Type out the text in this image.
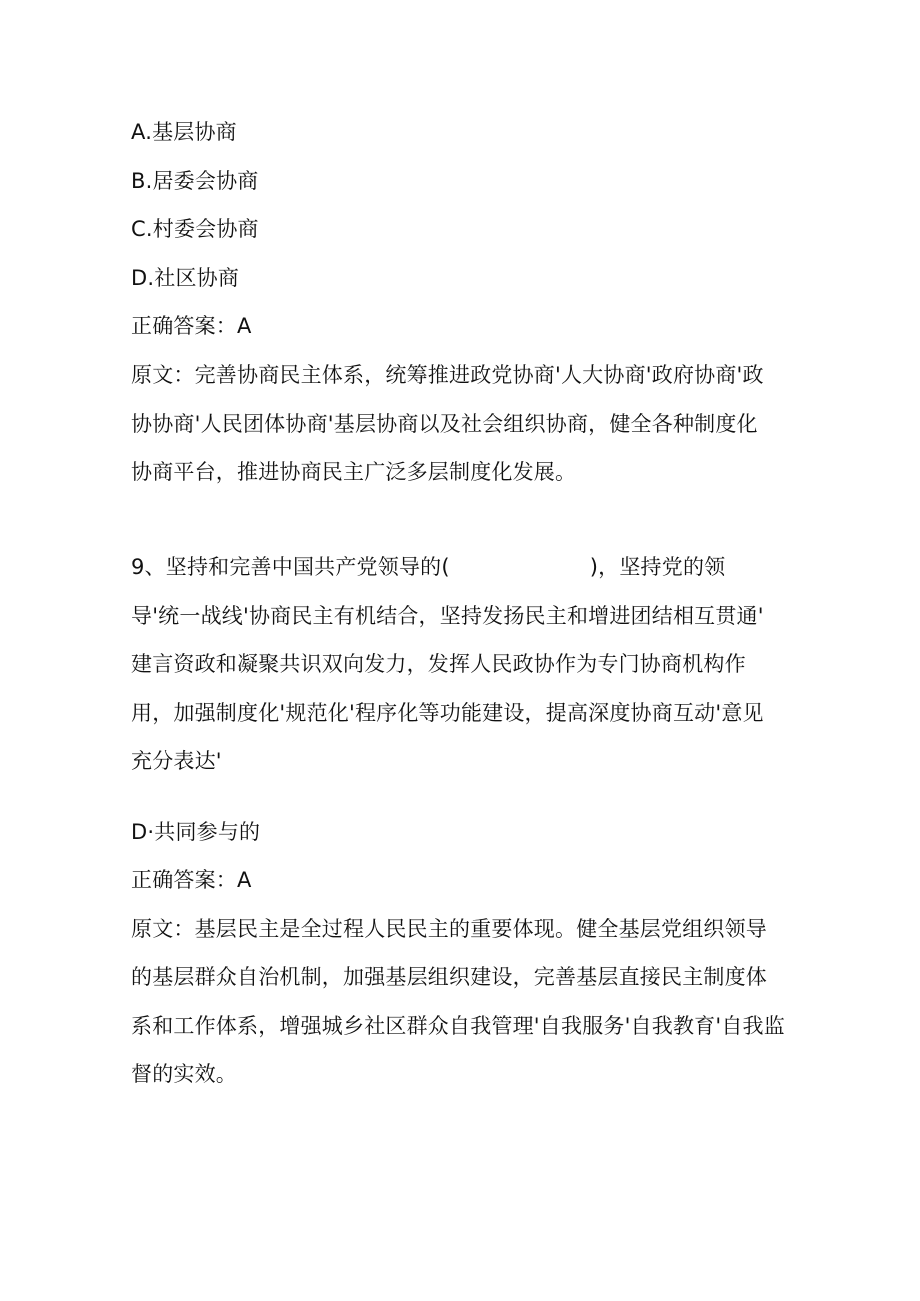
A.基层协商
B.居委会协商
C.村委会协商
D.社区协商
正确答案：A
原文：完善协商民主体系，统筹推进政党协商'人大协商'政府协商'政
协协商'人民团体协商'基层协商以及社会组织协商，健全各种制度化
协商平台，推进协商民主广泛多层制度化发展。
9、坚持和完善中国共产党领导的(	)，坚持党的领
导'统一战线'协商民主有机结合，坚持发扬民主和增进团结相互贯通'
建言资政和凝聚共识双向发力，发挥人民政协作为专门协商机构作
用，加强制度化'规范化'程序化等功能建设，提高深度协商互动'意见
充分表达'
D·共同参与的
正确答案：A
原文：基层民主是全过程人民民主的重要体现。健全基层党组织领导
的基层群众自治机制，加强基层组织建设，完善基层直接民主制度体
系和工作体系，增强城乡社区群众自我管理'自我服务'自我教育'自我监
督的实效。
